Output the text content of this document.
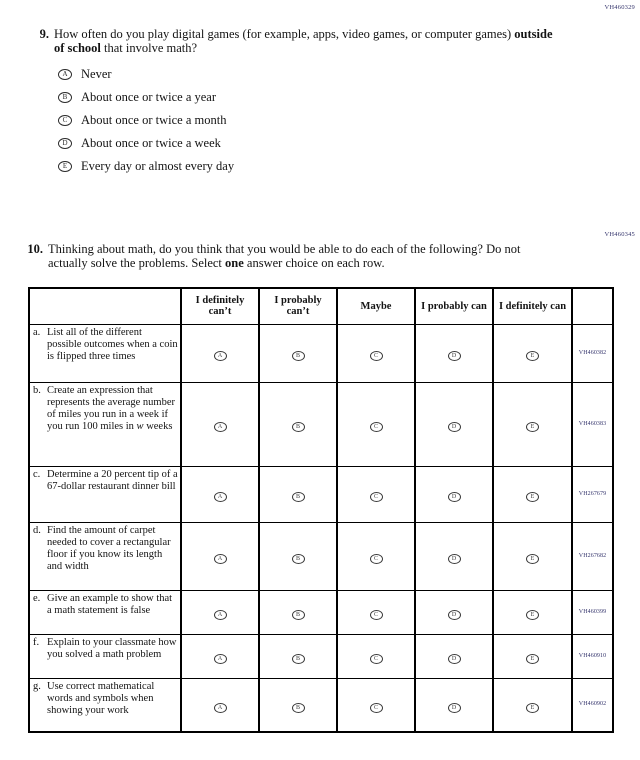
VH460329
9. How often do you play digital games (for example, apps, video games, or computer games) outside of school that involve math?

A	Never
B	About once or twice a year
C	About once or twice a month
D	About once or twice a week
E	Every day or almost every day
VH460345
10. Thinking about math, do you think that you would be able to do each of the following? Do not actually solve the problems. Select one answer choice on each row.

	I definitely can’t	I probably can’t	Maybe	I probably can	I definitely can	

a. List all of the different possible outcomes when a coin is flipped three times	A	B	C	D	E	VH460382

b. Create an expression that represents the average number of miles you run in a week if you run 100 miles in w weeks	A	B	C	D	E	VH460383

c. Determine a 20 percent tip of a 67-dollar restaurant dinner bill	A	B	C	D	E	VH267679

d. Find the amount of carpet needed to cover a rectangular floor if you know its length and width	A	B	C	D	E	VH267682

e. Give an example to show that a math statement is false	A	B	C	D	E	VH460399

f. Explain to your classmate how you solved a math problem	A	B	C	D	E	VH460910

g. Use correct mathematical words and symbols when showing your work	A	B	C	D	E	VH460902
